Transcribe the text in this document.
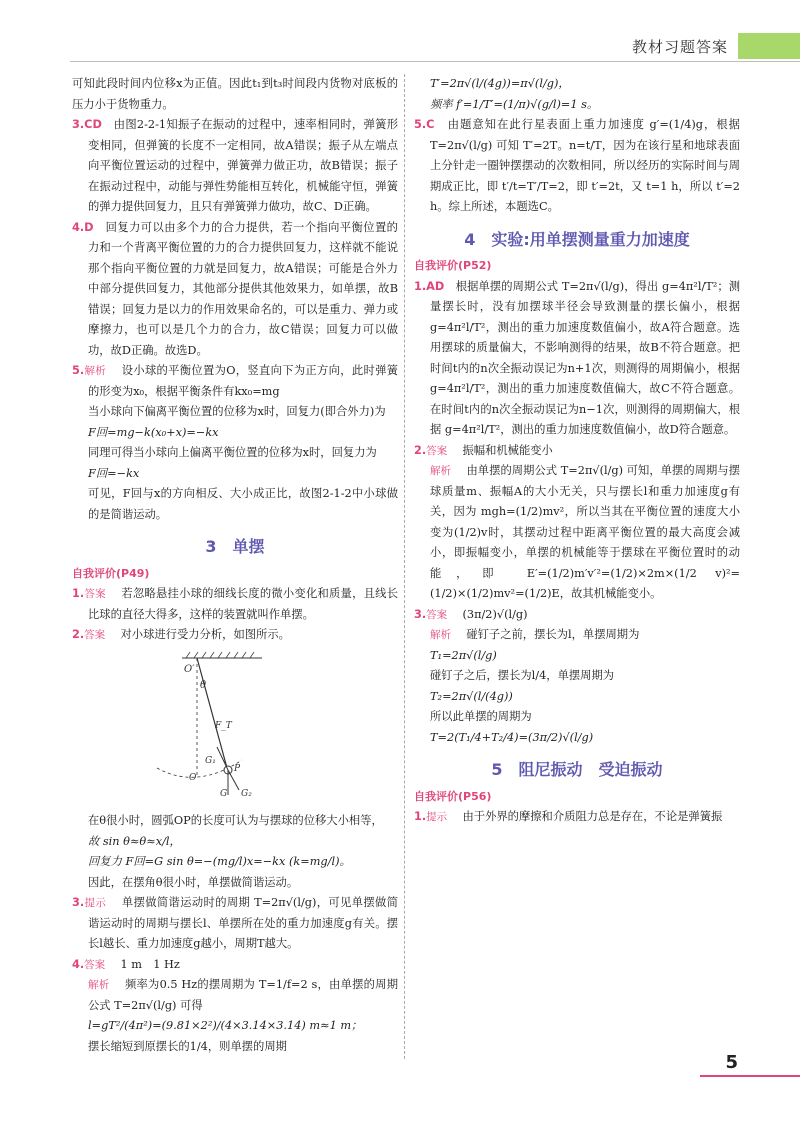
教材习题答案

可知此段时间内位移x为正值。因此t₁到t₃时间段内货物对底板的压力小于货物重力。

3.CD　 由图2-2-1知振子在振动的过程中，速率相同时，弹簧形变相同，但弹簧的长度不一定相同，故A错误；振子从左端点向平衡位置运动的过程中，弹簧弹力做正功，故B错误；振子在振动过程中，动能与弹性势能相互转化，机械能守恒，弹簧的弹力提供回复力，且只有弹簧弹力做功，故C、D正确。

4.D　 回复力可以由多个力的合力提供，若一个指向平衡位置的力和一个背离平衡位置的力的合力提供回复力，这样就不能说那个指向平衡位置的力就是回复力，故A错误；可能是合外力中部分提供回复力，其他部分提供其他效果力，如单摆，故B错误；回复力是以力的作用效果命名的，可以是重力、弹力或摩擦力，也可以是几个力的合力，故C错误；回复力可以做功，故D正确。故选D。

5.解析　 设小球的平衡位置为O，竖直向下为正方向，此时弹簧的形变为x₀，根据平衡条件有kx₀=mg

当小球向下偏离平衡位置的位移为x时，回复力(即合外力)为

F回=mg−k(x₀+x)=−kx

同理可得当小球向上偏离平衡位置的位移为x时，回复力为

F回=−kx

可见，F回与x的方向相反、大小成正比，故图2-1-2中小球做的是简谐运动。

3　单摆
自我评价(P49)

1.答案　 若忽略悬挂小球的细线长度的微小变化和质量，且线长比球的直径大得多，这样的装置就叫作单摆。

2.答案　 对小球进行受力分析，如图所示。

O′
θ
F_T
G₁
P
O
G G₂

在θ很小时，圆弧OP的长度可认为与摆球的位移大小相等，

故 sin θ≈θ≈x/l，

回复力 F回=G sin θ=−(mg/l)x=−kx (k=mg/l)。

因此，在摆角θ很小时，单摆做简谐运动。

3.提示　 单摆做简谐运动时的周期 T=2π√(l/g)，可见单摆做简谐运动时的周期与摆长l、单摆所在处的重力加速度g有关。摆长l越长、重力加速度g越小，周期T越大。

4.答案　 1 m　1 Hz

解析　 频率为0.5 Hz的摆周期为 T=1/f=2 s，由单摆的周期公式 T=2π√(l/g) 可得

l=gT²/(4π²)=(9.81×2²)/(4×3.14×3.14) m≈1 m；

摆长缩短到原摆长的1/4，则单摆的周期

T′=2π√(l/(4g))=π√(l/g)，

频率 f′=1/T′=(1/π)√(g/l)=1 s。

5.C　 由题意知在此行星表面上重力加速度 g′=(1/4)g，根据 T=2π√(l/g) 可知 T′=2T。n=t/T，因为在该行星和地球表面上分针走一圈钟摆摆动的次数相同，所以经历的实际时间与周期成正比，即 t′/t=T′/T=2，即 t′=2t，又 t=1 h，所以 t′=2 h。综上所述，本题选C。

4　实验:用单摆测量重力加速度
自我评价(P52)

1.AD　 根据单摆的周期公式 T=2π√(l/g)，得出 g=4π²l/T²；测量摆长时，没有加摆球半径会导致测量的摆长偏小，根据 g=4π²l/T²，测出的重力加速度数值偏小，故A符合题意。选用摆球的质量偏大，不影响测得的结果，故B不符合题意。把时间t内的n次全振动误记为n+1次，则测得的周期偏小，根据 g=4π²l/T²，测出的重力加速度数值偏大，故C不符合题意。在时间t内的n次全振动误记为n−1次，则测得的周期偏大，根据 g=4π²l/T²，测出的重力加速度数值偏小，故D符合题意。

2.答案　 振幅和机械能变小

解析　 由单摆的周期公式 T=2π√(l/g) 可知，单摆的周期与摆球质量m、振幅A的大小无关，只与摆长l和重力加速度g有关，因为 mgh=(1/2)mv²，所以当其在平衡位置的速度大小变为(1/2)v时，其摆动过程中距离平衡位置的最大高度会减小，即振幅变小，单摆的机械能等于摆球在平衡位置时的动能，即 E′=(1/2)m′v′²=(1/2)×2m×(1/2 v)²=(1/2)×(1/2)mv²=(1/2)E，故其机械能变小。

3.答案　 (3π/2)√(l/g)

解析　 碰钉子之前，摆长为l，单摆周期为

T₁=2π√(l/g)

碰钉子之后，摆长为l/4，单摆周期为

T₂=2π√(l/(4g))

所以此单摆的周期为

T=2(T₁/4+T₂/4)=(3π/2)√(l/g)

5　阻尼振动　受迫振动
自我评价(P56)

1.提示　 由于外界的摩擦和介质阻力总是存在，不论是弹簧振

5
